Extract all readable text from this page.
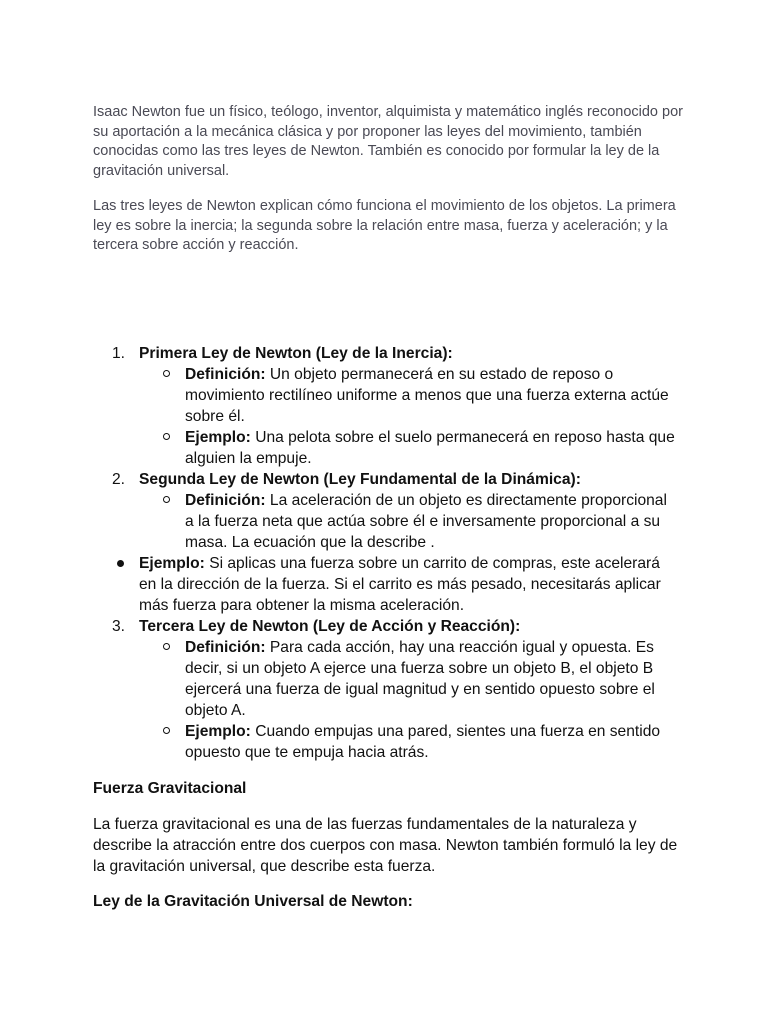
Isaac Newton fue un físico, teólogo, inventor, alquimista y matemático inglés reconocido por su aportación a la mecánica clásica y por proponer las leyes del movimiento, también conocidas como las tres leyes de Newton. También es conocido por formular la ley de la gravitación universal.

Las tres leyes de Newton explican cómo funciona el movimiento de los objetos. La primera ley es sobre la inercia; la segunda sobre la relación entre masa, fuerza y aceleración; y la tercera sobre acción y reacción.

1. Primera Ley de Newton (Ley de la Inercia):
Definición: Un objeto permanecerá en su estado de reposo o movimiento rectilíneo uniforme a menos que una fuerza externa actúe sobre él.
Ejemplo: Una pelota sobre el suelo permanecerá en reposo hasta que alguien la empuje.
2. Segunda Ley de Newton (Ley Fundamental de la Dinámica):
Definición: La aceleración de un objeto es directamente proporcional a la fuerza neta que actúa sobre él e inversamente proporcional a su masa. La ecuación que la describe .
Ejemplo: Si aplicas una fuerza sobre un carrito de compras, este acelerará en la dirección de la fuerza. Si el carrito es más pesado, necesitarás aplicar más fuerza para obtener la misma aceleración.
3. Tercera Ley de Newton (Ley de Acción y Reacción):
Definición: Para cada acción, hay una reacción igual y opuesta. Es decir, si un objeto A ejerce una fuerza sobre un objeto B, el objeto B ejercerá una fuerza de igual magnitud y en sentido opuesto sobre el objeto A.
Ejemplo: Cuando empujas una pared, sientes una fuerza en sentido opuesto que te empuja hacia atrás.

Fuerza Gravitacional

La fuerza gravitacional es una de las fuerzas fundamentales de la naturaleza y describe la atracción entre dos cuerpos con masa. Newton también formuló la ley de la gravitación universal, que describe esta fuerza.

Ley de la Gravitación Universal de Newton:
